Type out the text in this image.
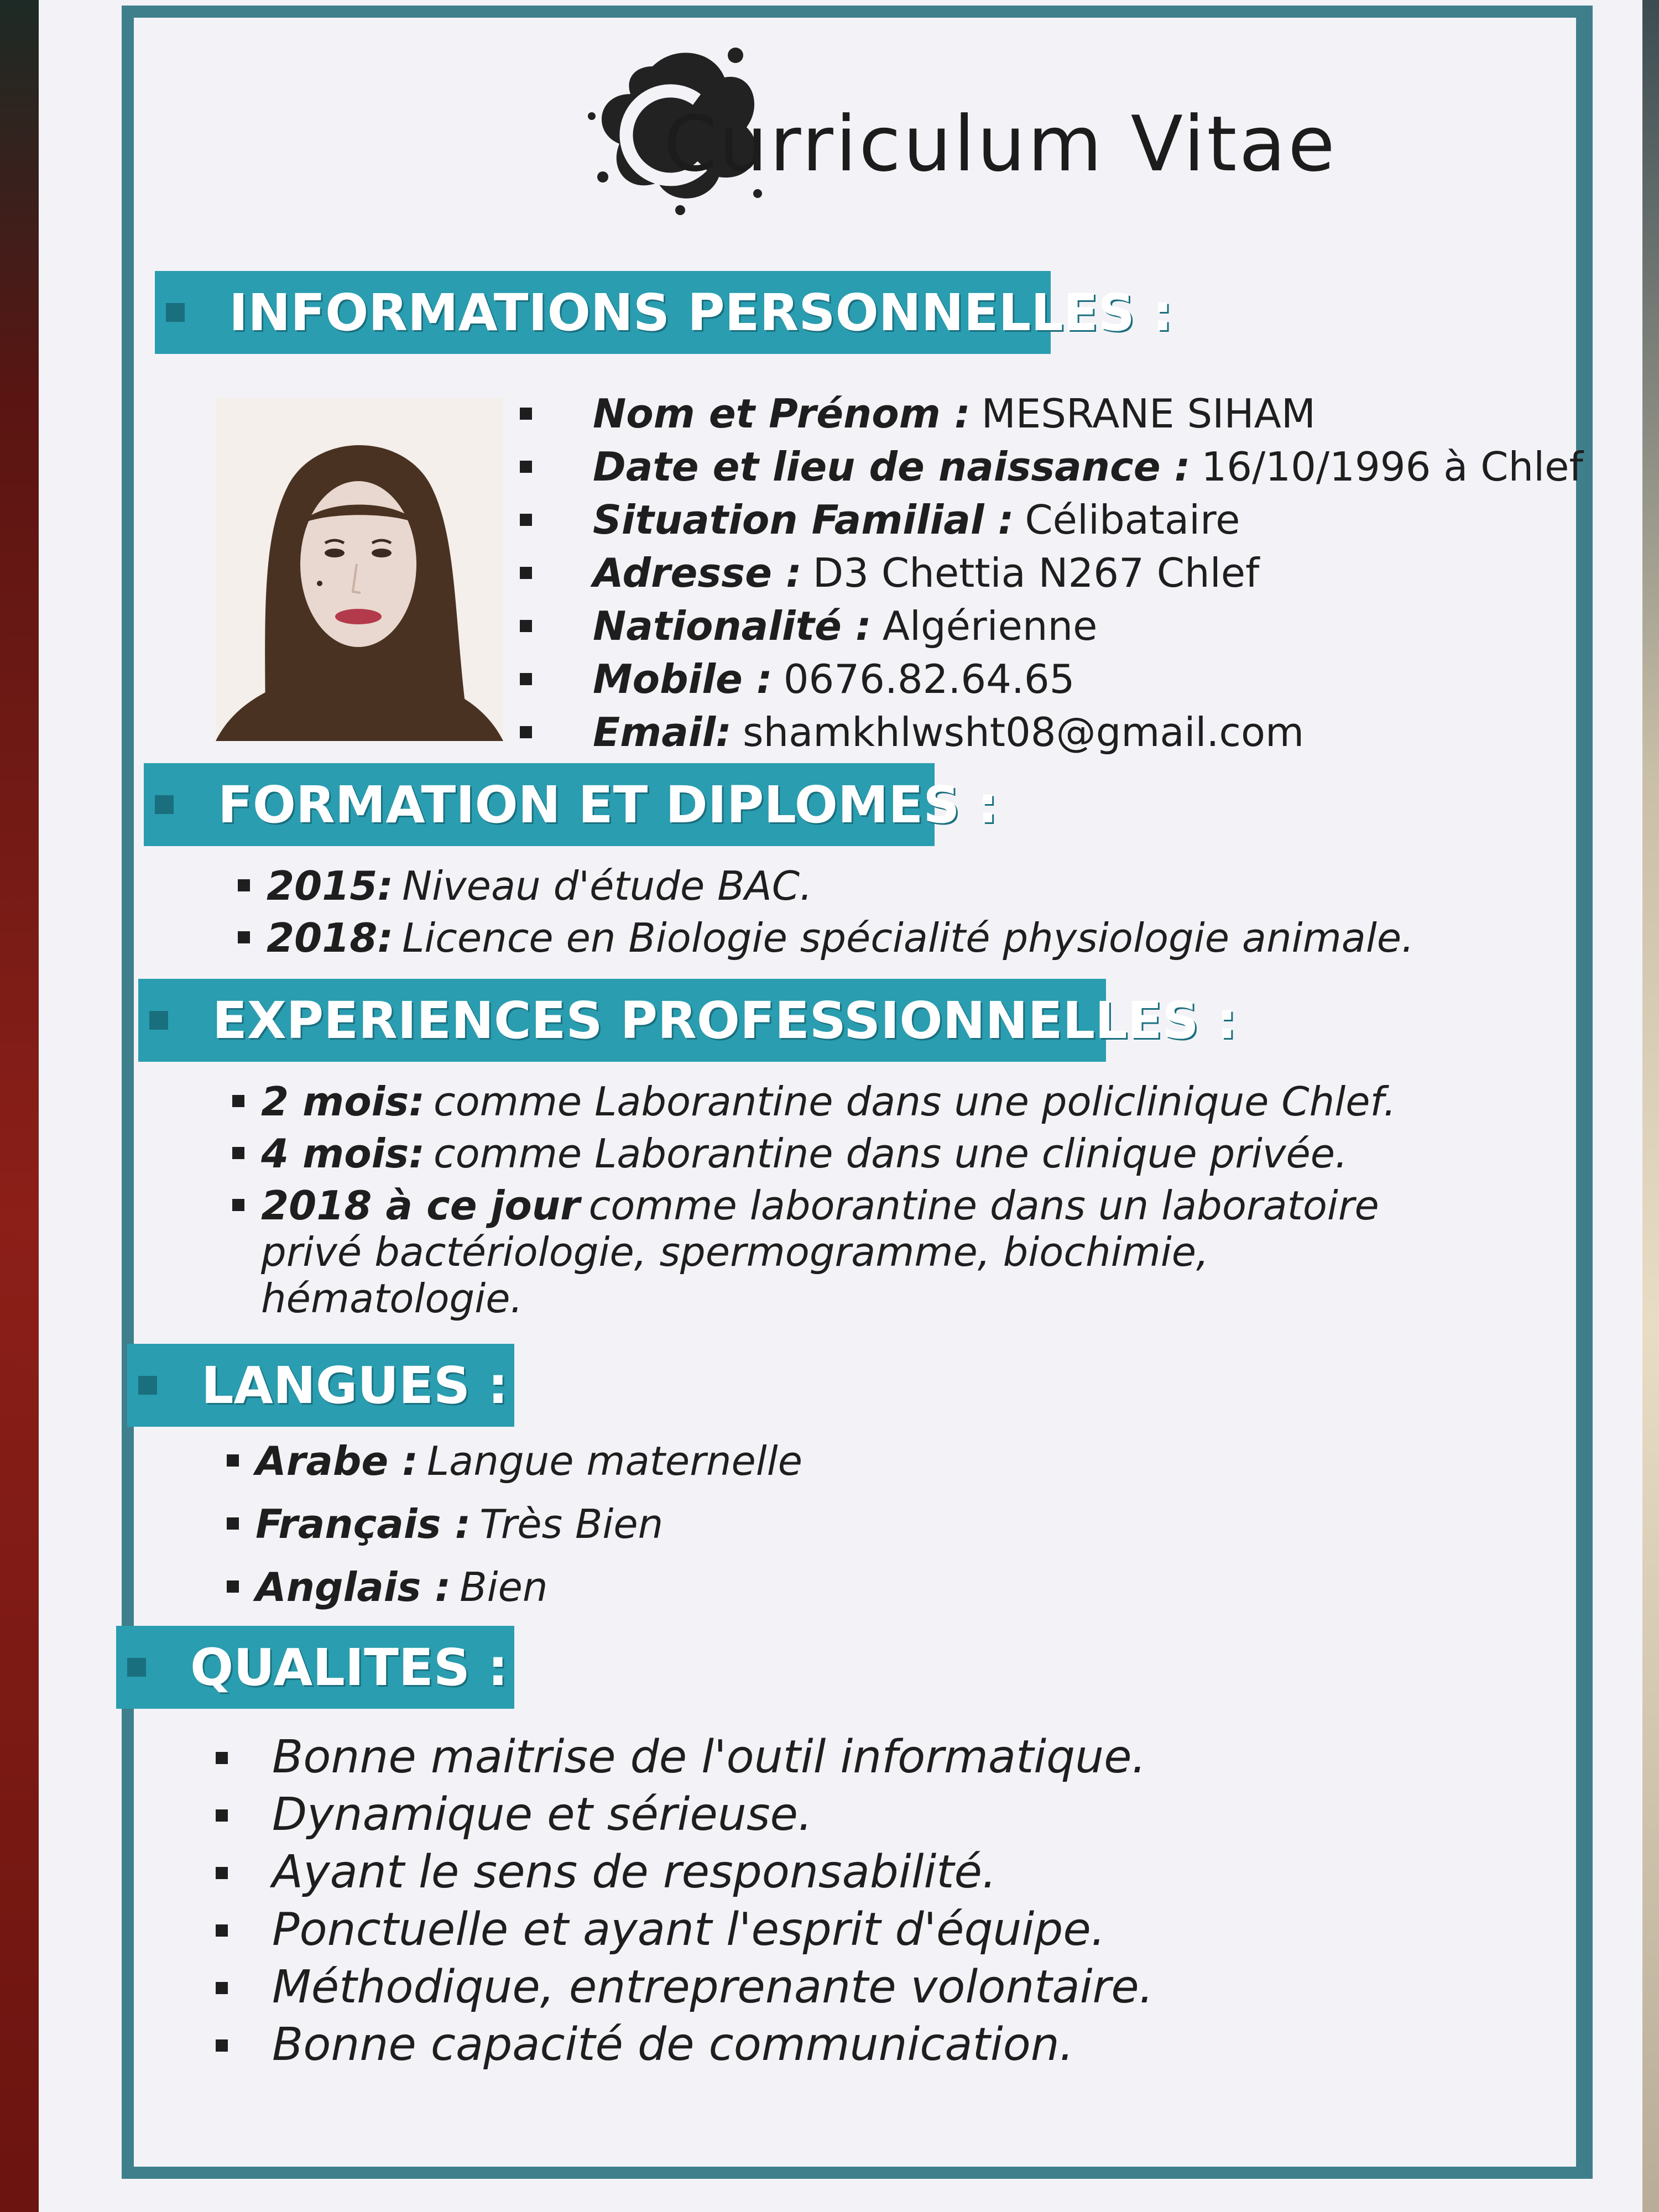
Curriculum Vitae
INFORMATIONS PERSONNELLES :
Nom et Prénom : MESRANE SIHAM
Date et lieu de naissance : 16/10/1996 à Chlef
Situation Familial : Célibataire
Adresse : D3 Chettia N267 Chlef
Nationalité : Algérienne
Mobile : 0676.82.64.65
Email: shamkhlwsht08@gmail.com
FORMATION ET DIPLOMES :
2015: Niveau d'étude BAC.
2018: Licence en Biologie spécialité physiologie animale.
EXPERIENCES PROFESSIONNELLES :
2 mois: comme Laborantine dans une policlinique Chlef.
4 mois: comme Laborantine dans une clinique privée.
2018 à ce jour comme laborantine dans un laboratoire privé bactériologie, spermogramme, biochimie, hématologie.
LANGUES :
Arabe : Langue maternelle
Français : Très Bien
Anglais : Bien
QUALITES :
Bonne maitrise de l'outil informatique.
Dynamique et sérieuse.
Ayant le sens de responsabilité.
Ponctuelle et ayant l'esprit d'équipe.
Méthodique, entreprenante volontaire.
Bonne capacité de communication.
